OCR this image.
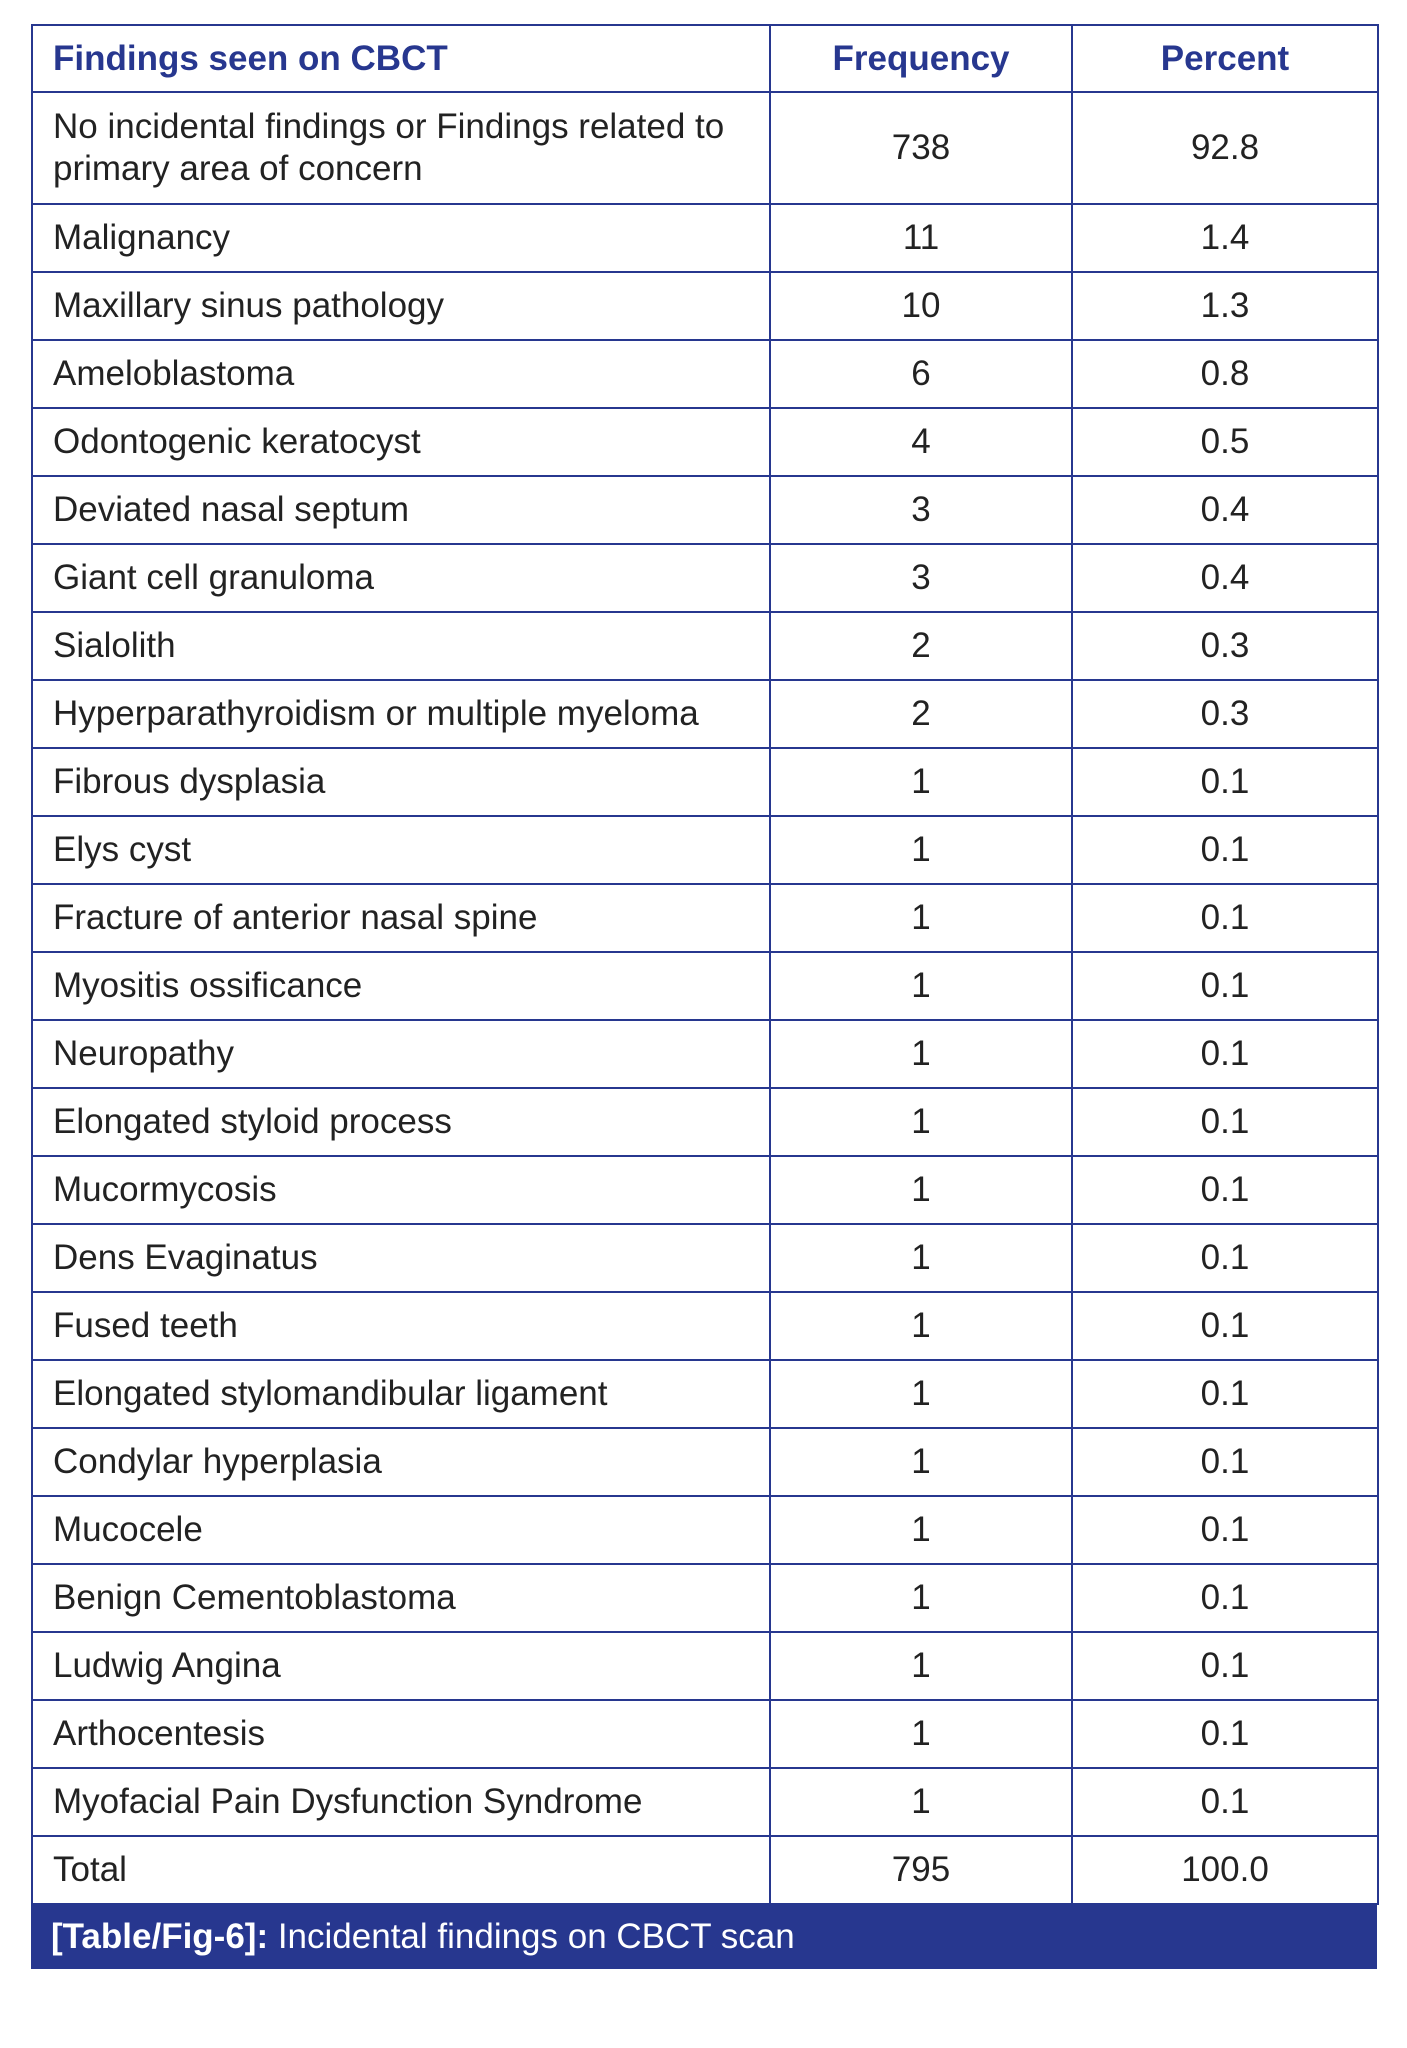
Findings seen on CBCT	Frequency	Percent
No incidental findings or Findings related to primary area of concern	738	92.8
Malignancy	11	1.4
Maxillary sinus pathology	10	1.3
Ameloblastoma	6	0.8
Odontogenic keratocyst	4	0.5
Deviated nasal septum	3	0.4
Giant cell granuloma	3	0.4
Sialolith	2	0.3
Hyperparathyroidism or multiple myeloma	2	0.3
Fibrous dysplasia	1	0.1
Elys cyst	1	0.1
Fracture of anterior nasal spine	1	0.1
Myositis ossificance	1	0.1
Neuropathy	1	0.1
Elongated styloid process	1	0.1
Mucormycosis	1	0.1
Dens Evaginatus	1	0.1
Fused teeth	1	0.1
Elongated stylomandibular ligament	1	0.1
Condylar hyperplasia	1	0.1
Mucocele	1	0.1
Benign Cementoblastoma	1	0.1
Ludwig Angina	1	0.1
Arthocentesis	1	0.1
Myofacial Pain Dysfunction Syndrome	1	0.1
Total	795	100.0
[Table/Fig-6]: Incidental findings on CBCT scan
